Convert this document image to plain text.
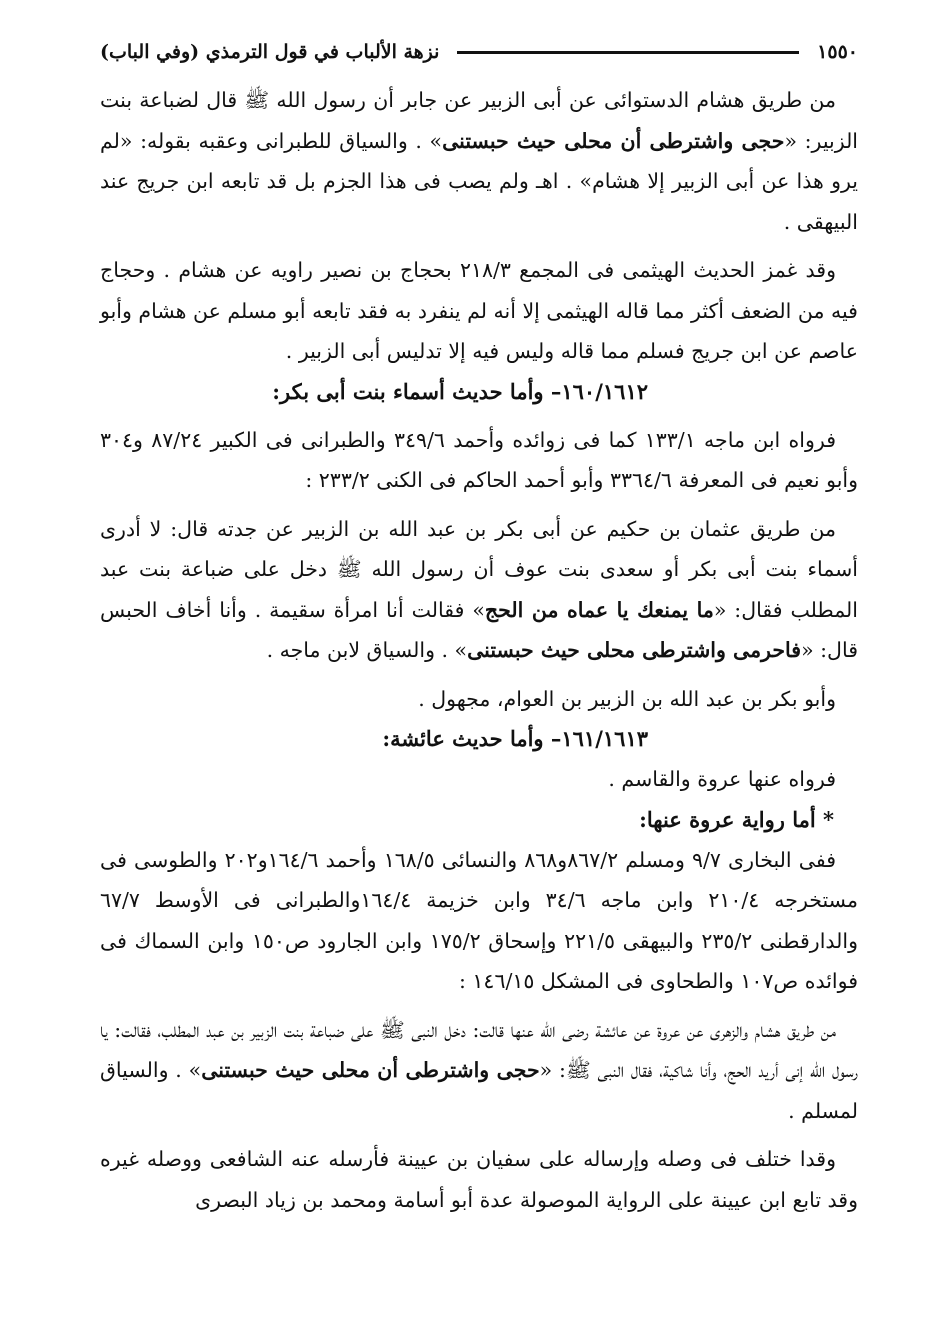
١٥٥٠
نزهة الألباب في قول الترمذي (وفي الباب)

من طريق هشام الدستوائى عن أبى الزبير عن جابر أن رسول الله ﷺ قال لضباعة بنت الزبير: «حجى واشترطى أن محلى حيث حبستنى» . والسياق للطبرانى وعقبه بقوله: «لم يرو هذا عن أبى الزبير إلا هشام» . اهـ ولم يصب فى هذا الجزم بل قد تابعه ابن جريج عند البيهقى .

وقد غمز الحديث الهيثمى فى المجمع ٢١٨/٣ بحجاج بن نصير راويه عن هشام . وحجاج فيه من الضعف أكثر مما قاله الهيثمى إلا أنه لم ينفرد به فقد تابعه أبو مسلم عن هشام وأبو عاصم عن ابن جريج فسلم مما قاله وليس فيه إلا تدليس أبى الزبير .

١٦٠/١٦١٢– وأما حديث أسماء بنت أبى بكر:

فرواه ابن ماجه ١٣٣/١ كما فى زوائده وأحمد ٣٤٩/٦ والطبرانى فى الكبير ٨٧/٢٤ و٣٠٤ وأبو نعيم فى المعرفة ٣٣٦٤/٦ وأبو أحمد الحاكم فى الكنى ٢٣٣/٢ :

من طريق عثمان بن حكيم عن أبى بكر بن عبد الله بن الزبير عن جدته قال: لا أدرى أسماء بنت أبى بكر أو سعدى بنت عوف أن رسول الله ﷺ دخل على ضباعة بنت عبد المطلب فقال: «ما يمنعك يا عماه من الحج» فقالت أنا امرأة سقيمة . وأنا أخاف الحبس قال: «فاحرمى واشترطى محلى حيث حبستنى» . والسياق لابن ماجه .

وأبو بكر بن عبد الله بن الزبير بن العوام، مجهول .

١٦١/١٦١٣– وأما حديث عائشة:

فرواه عنها عروة والقاسم .

* أما رواية عروة عنها:

ففى البخارى ٩/٧ ومسلم ٨٦٧/٢و٨٦٨ والنسائى ١٦٨/٥ وأحمد ١٦٤/٦و٢٠٢ والطوسى فى مستخرجه ٢١٠/٤ وابن ماجه ٣٤/٦ وابن خزيمة ١٦٤/٤والطبرانى فى الأوسط ٦٧/٧ والدارقطنى ٢٣٥/٢ والبيهقى ٢٢١/٥ وإسحاق ١٧٥/٢ وابن الجارود ص١٥٠ وابن السماك فى فوائده ص١٠٧ والطحاوى فى المشكل ١٤٦/١٥ :

من طريق هشام والزهرى عن عروة عن عائشة رضى الله عنها قالت: دخل النبى ﷺ على ضباعة بنت الزبير بن عبد المطلب، فقالت: يا رسول الله إنى أريد الحج، وأنا شاكية، فقال النبى ﷺ: «حجى واشترطى أن محلى حيث حبستنى» . والسياق لمسلم .

وقدا ختلف فى وصله وإرساله على سفيان بن عيينة فأرسله عنه الشافعى ووصله غيره وقد تابع ابن عيينة على الرواية الموصولة عدة أبو أسامة ومحمد بن زياد البصرى
